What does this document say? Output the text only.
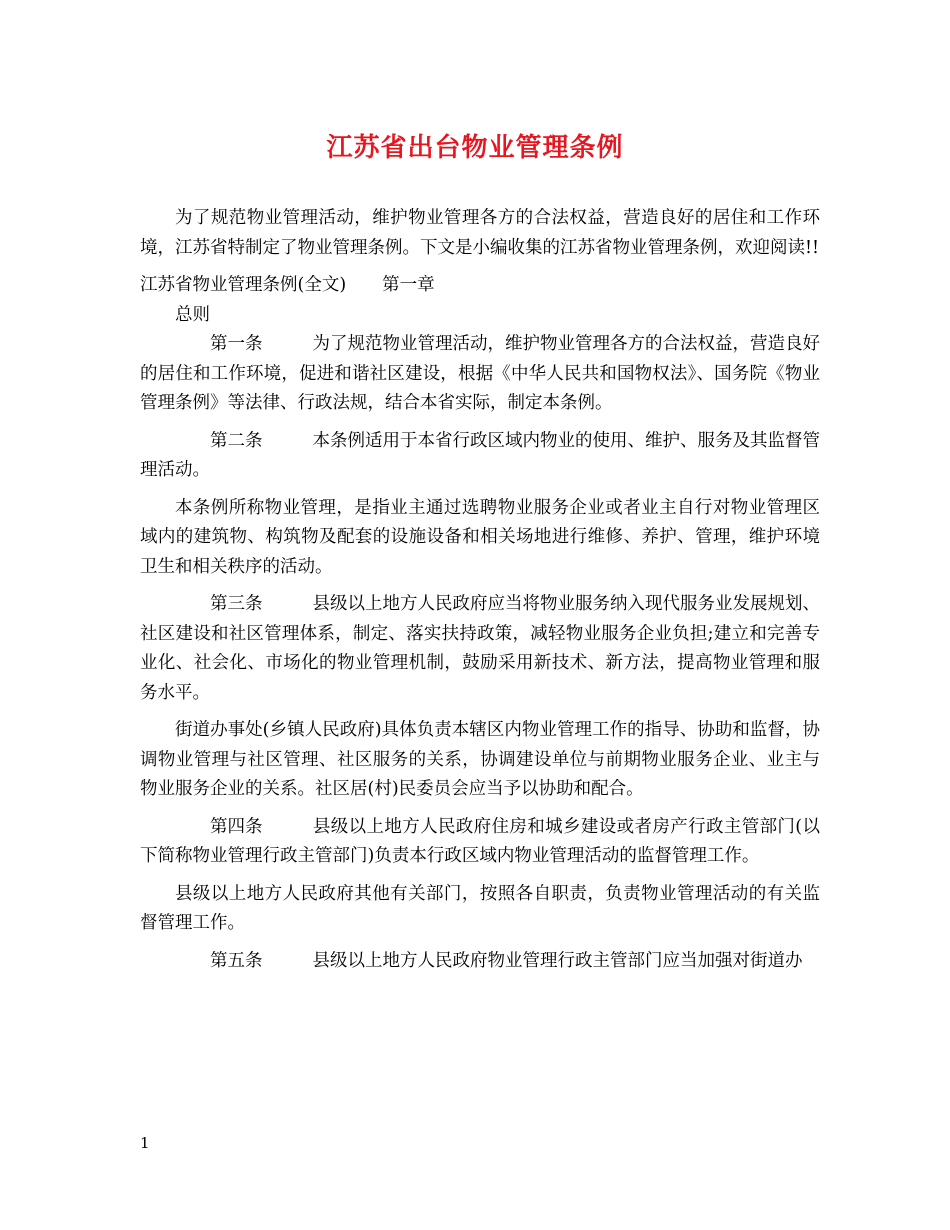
江苏省出台物业管理条例

为了规范物业管理活动，维护物业管理各方的合法权益，营造良好的居住和工作环境，江苏省特制定了物业管理条例。下文是小编收集的江苏省物业管理条例，欢迎阅读!!

江苏省物业管理条例(全文) 第一章

总则

第一条	为了规范物业管理活动，维护物业管理各方的合法权益，营造良好的居住和工作环境，促进和谐社区建设，根据《中华人民共和国物权法》、国务院《物业管理条例》等法律、行政法规，结合本省实际，制定本条例。

第二条	本条例适用于本省行政区域内物业的使用、维护、服务及其监督管理活动。

本条例所称物业管理，是指业主通过选聘物业服务企业或者业主自行对物业管理区域内的建筑物、构筑物及配套的设施设备和相关场地进行维修、养护、管理，维护环境卫生和相关秩序的活动。

第三条	县级以上地方人民政府应当将物业服务纳入现代服务业发展规划、社区建设和社区管理体系，制定、落实扶持政策，减轻物业服务企业负担;建立和完善专业化、社会化、市场化的物业管理机制，鼓励采用新技术、新方法，提高物业管理和服务水平。

街道办事处(乡镇人民政府)具体负责本辖区内物业管理工作的指导、协助和监督，协调物业管理与社区管理、社区服务的关系，协调建设单位与前期物业服务企业、业主与物业服务企业的关系。社区居(村)民委员会应当予以协助和配合。

第四条	县级以上地方人民政府住房和城乡建设或者房产行政主管部门(以下简称物业管理行政主管部门)负责本行政区域内物业管理活动的监督管理工作。

县级以上地方人民政府其他有关部门，按照各自职责，负责物业管理活动的有关监督管理工作。

第五条	县级以上地方人民政府物业管理行政主管部门应当加强对街道办

1
